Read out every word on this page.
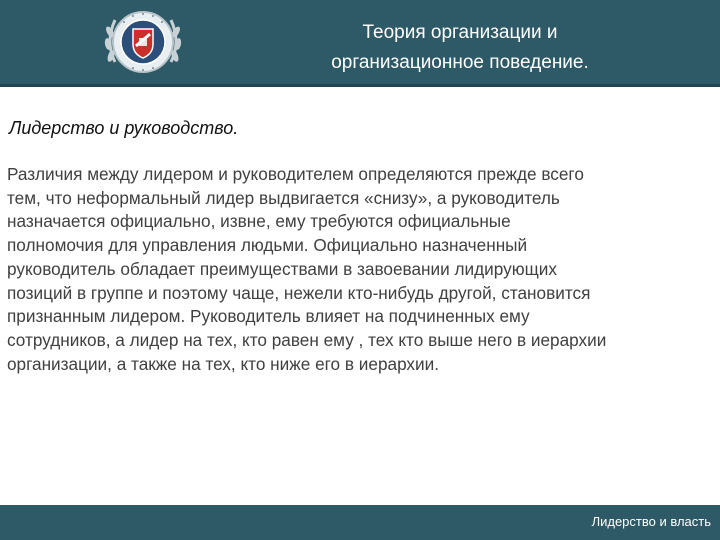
Теория организации и
организационное поведение.
Лидерство и руководство.
Различия между лидером и руководителем определяются прежде всего
тем, что неформальный лидер выдвигается «снизу», а руководитель
назначается официально, извне, ему требуются официальные
полномочия для управления людьми. Официально назначенный
руководитель обладает преимуществами в завоевании лидирующих
позиций в группе и поэтому чаще, нежели кто-нибудь другой, становится
признанным лидером. Руководитель влияет на подчиненных ему
сотрудников, а лидер на тех, кто равен ему , тех кто выше него в иерархии
организации, а также на тех, кто ниже его в иерархии.
Лидерство и власть
